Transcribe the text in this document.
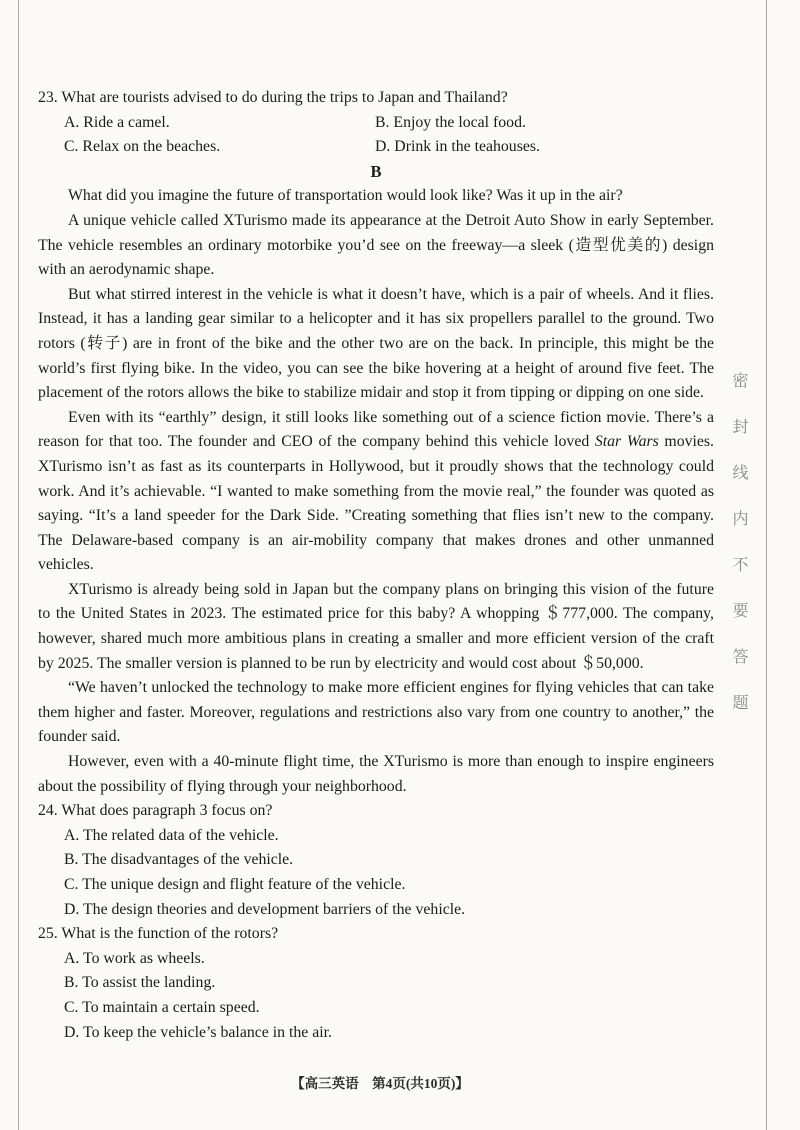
密封线内不要答题

23. What are tourists advised to do during the trips to Japan and Thailand?

A. Ride a camel.	B. Enjoy the local food.
C. Relax on the beaches.	D. Drink in the teahouses.

B

What did you imagine the future of transportation would look like? Was it up in the air?

A unique vehicle called XTurismo made its appearance at the Detroit Auto Show in early September. The vehicle resembles an ordinary motorbike you’d see on the freeway—a sleek (造型优美的) design with an aerodynamic shape.

But what stirred interest in the vehicle is what it doesn’t have, which is a pair of wheels. And it flies. Instead, it has a landing gear similar to a helicopter and it has six propellers parallel to the ground. Two rotors (转子) are in front of the bike and the other two are on the back. In principle, this might be the world’s first flying bike. In the video, you can see the bike hovering at a height of around five feet. The placement of the rotors allows the bike to stabilize midair and stop it from tipping or dipping on one side.

Even with its “earthly” design, it still looks like something out of a science fiction movie. There’s a reason for that too. The founder and CEO of the company behind this vehicle loved Star Wars movies. XTurismo isn’t as fast as its counterparts in Hollywood, but it proudly shows that the technology could work. And it’s achievable. “I wanted to make something from the movie real,” the founder was quoted as saying. “It’s a land speeder for the Dark Side. ”Creating something that flies isn’t new to the company. The Delaware-based company is an air-mobility company that makes drones and other unmanned vehicles.

XTurismo is already being sold in Japan but the company plans on bringing this vision of the future to the United States in 2023. The estimated price for this baby? A whopping ＄777,000. The company, however, shared much more ambitious plans in creating a smaller and more efficient version of the craft by 2025. The smaller version is planned to be run by electricity and would cost about ＄50,000.

“We haven’t unlocked the technology to make more efficient engines for flying vehicles that can take them higher and faster. Moreover, regulations and restrictions also vary from one country to another,” the founder said.

However, even with a 40-minute flight time, the XTurismo is more than enough to inspire engineers about the possibility of flying through your neighborhood.

24. What does paragraph 3 focus on?

A. The related data of the vehicle.
B. The disadvantages of the vehicle.
C. The unique design and flight feature of the vehicle.
D. The design theories and development barriers of the vehicle.

25. What is the function of the rotors?

A. To work as wheels.
B. To assist the landing.
C. To maintain a certain speed.
D. To keep the vehicle’s balance in the air.
【高三英语　第4页(共10页)】
